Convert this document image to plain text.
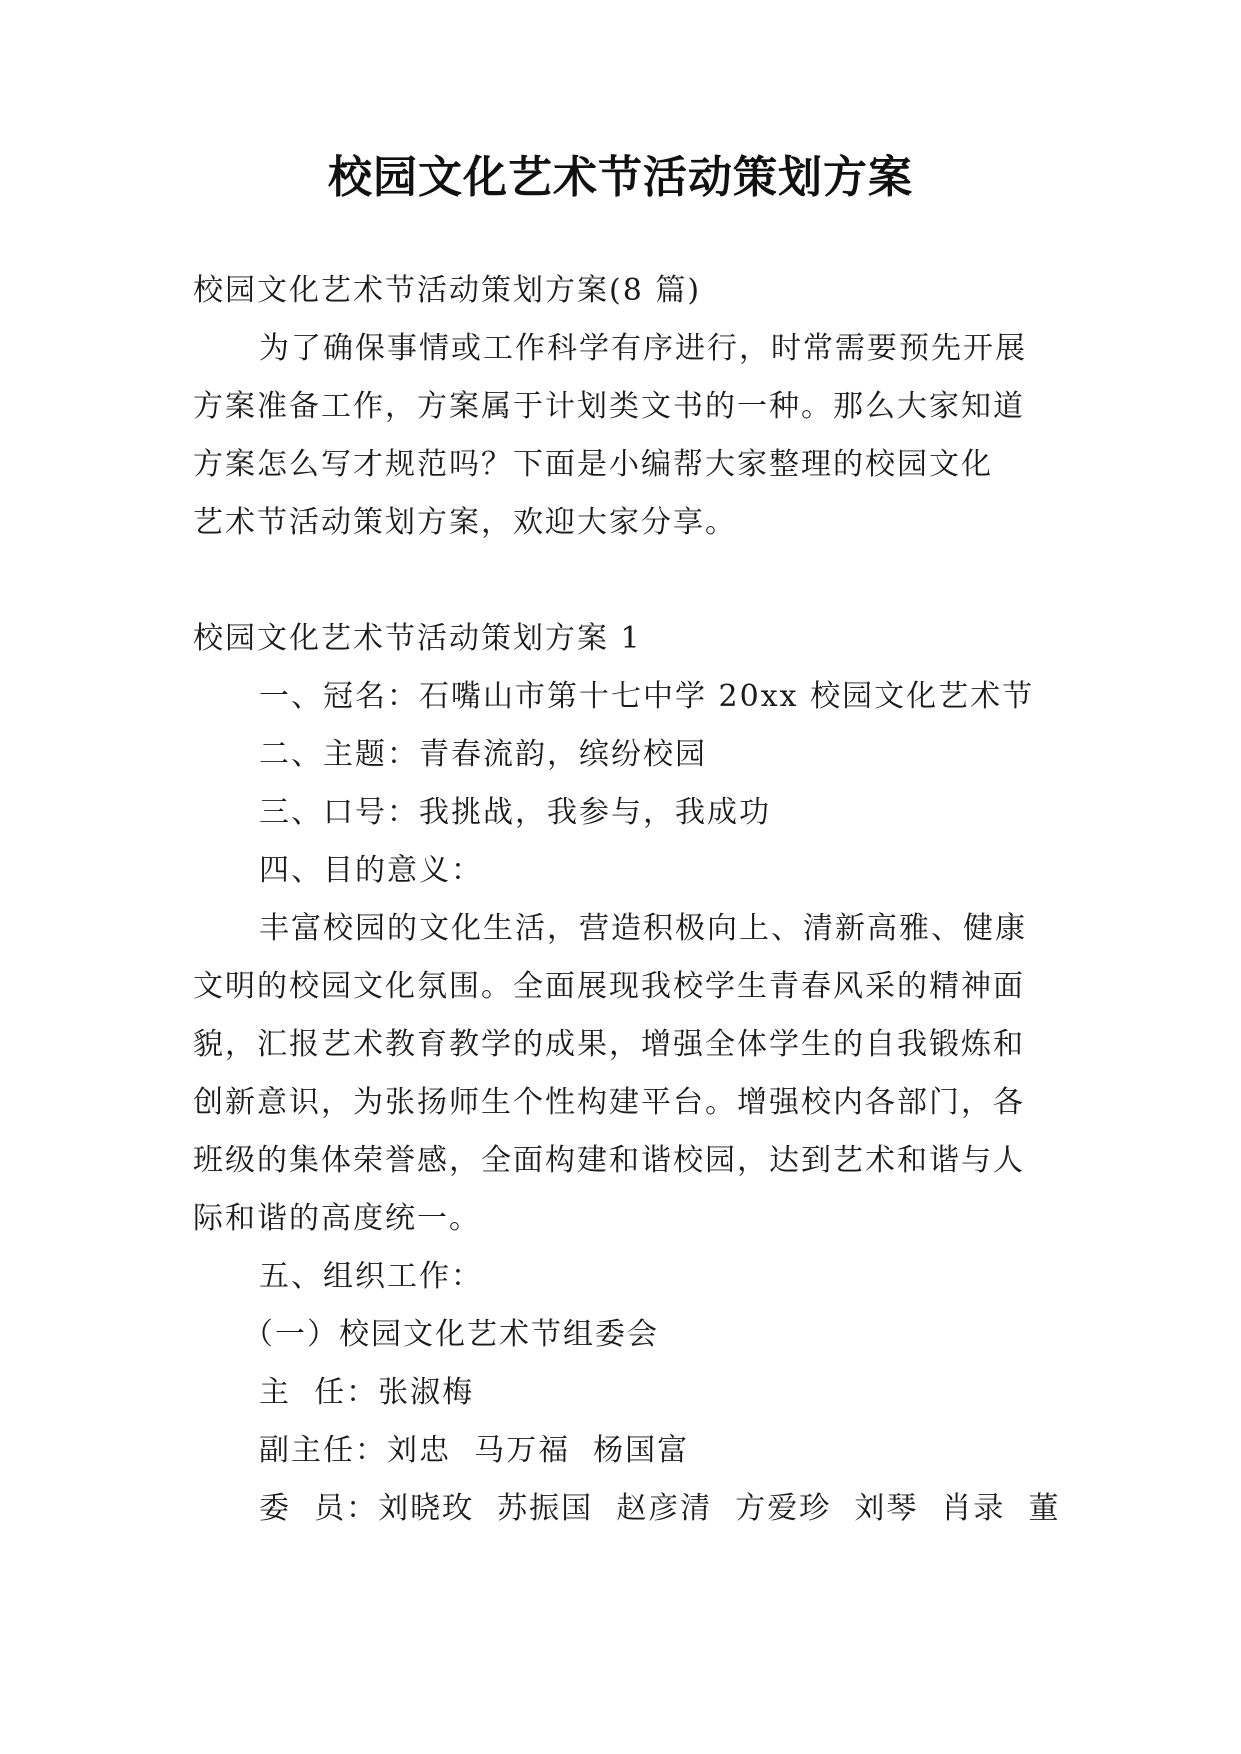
校园文化艺术节活动策划方案

校园文化艺术节活动策划方案(8 篇)

为了确保事情或工作科学有序进行，时常需要预先开展

方案准备工作，方案属于计划类文书的一种。那么大家知道

方案怎么写才规范吗？下面是小编帮大家整理的校园文化

艺术节活动策划方案，欢迎大家分享。

校园文化艺术节活动策划方案 1

一、冠名：石嘴山市第十七中学 20xx 校园文化艺术节

二、主题：青春流韵，缤纷校园

三、口号：我挑战，我参与，我成功

四、目的意义：

丰富校园的文化生活，营造积极向上、清新高雅、健康

文明的校园文化氛围。全面展现我校学生青春风采的精神面

貌，汇报艺术教育教学的成果，增强全体学生的自我锻炼和

创新意识，为张扬师生个性构建平台。增强校内各部门，各

班级的集体荣誉感，全面构建和谐校园，达到艺术和谐与人

际和谐的高度统一。

五、组织工作：

（一）校园文化艺术节组委会

主  任：张淑梅

副主任：刘忠  马万福  杨国富

委  员：刘晓玫  苏振国  赵彦清  方爱珍  刘琴  肖录  董
